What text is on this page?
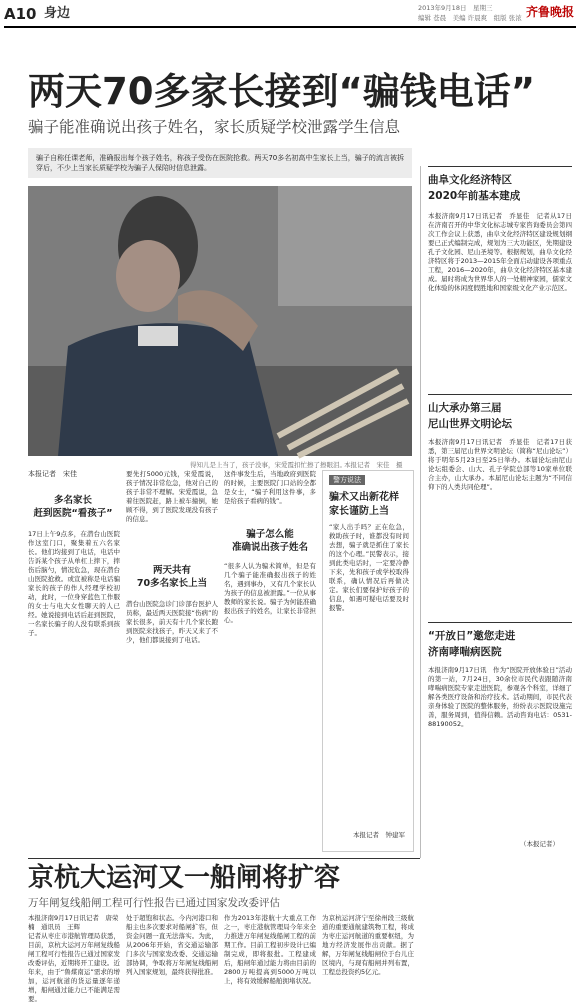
A10 身边	2013年9月18日　星期三
编辑 苍晨　美编 许晨爽　组版 张浓 齐鲁晚报
两天70多家长接到“骗钱电话”
骗子能准确说出孩子姓名，家长质疑学校泄露学生信息
骗子自称任课老师，准确报出每个孩子姓名，称孩子受伤在医院抢救。两天70多名初高中生家长上当，骗子的流言被拆穿后，不少上当家长质疑学校为骗子人保陪时信息泄露。
得知儿是上当了，孩子没事，宋爱霞扣忙擦了擦眼泪。
本报记者　宋佳　摄
本报记者　宋佳
多名家长
赶到医院“看孩子”
17日上午9点多，在潜台山医院作这室门口，聚集着五六名家长。他们均接到了电话，电话中告诉某个孩子从单杠上摔下，摔伤后脑勺，情况危急，现在潜台山医院抢救。或宣被称是电话骗家长的孩子的作人经理学校初动，此时，一位身穿蓝色工作服的女士与电大女性聊天的人已经。她说接到电话后赶到医院，一名家长骗子的人没有联系到孩子。
要先打5000元钱，宋爱霞说，孩子情况非常危急，他对自己的孩子非常不理解。宋爱霞说，急着往医院赶，路上被车撞倒，她顾不得，到了医院发现没有孩子的信息。
两天共有
70多名家长上当
潜台山医院急诊门诊部台医护人员称，最近两天医院接“伤病”的家长很多，前天有十几个家长跑到医院来找孩子，昨天又来了不少，他们都说接到了电话。
这件事发生后，当地政府到医院的时候，主要医院门口站的全都是女士，“骗子利用这件事，多是给孩子看病的钱”。
骗子怎么能
准确说出孩子姓名
“很多人认为骗术简单，但是有几个骗子能准确报出孩子的姓名，遇到事办，又有几个家长认为孩子的信息被泄露。”一位从事教师的家长说。骗子为何能准确报出孩子的姓名，让家长非常担心。
警方说法
骗术又出新花样
家长谨防上当
“家人出手吗？正在危急，救助孩子时，谁都没有时间去想，骗子就是抓住了家长的这个心理。”民警表示，接到此类电话时，一定要冷静下来，先和孩子或学校取得联系，确认情况后再做决定。家长们要保护好孩子的信息，如遇可疑电话要及时报警。
本报记者　钟建军
曲阜文化经济特区
2020年前基本建成
本报济南9月17日讯记者　乔显佳　记者从17日在济南召开的中华文化标志城专家咨询委员会第四次工作会议上获悉，曲阜文化经济特区建设规划纲要已正式编制完成，规划为三大功能区，先期建设孔子文化园、尼山圣境等。根据规划，曲阜文化经济特区将于2013—2015年全面启动建设各项重点工程，2016—2020年，曲阜文化经济特区基本建成。届时将成为世界华人的一处精神家园，儒家文化体验的休闲度假胜地和国家级文化产业示范区。
山大承办第三届
尼山世界文明论坛
本报济南9月17日讯记者　乔显佳　记者17日获悉，第三届尼山世界文明论坛（简称“尼山论坛”）将于明年5月23日至25日举办。本届论坛由尼山论坛组委会、山大、孔子学院总部等10家单位联合主办，山大承办。本届尼山论坛主题为“不同信仰下的人类共同伦理”。
“开放日”邀您走进
济南哮喘病医院
本报济南9月17日讯　作为“医院开放体验日”活动的第一站，7月24日，30余位市民代表跟随济南哮喘病医院专家走进医院，参观各个科室，详细了解各类医疗设备和治疗技术。活动期间，市民代表亲身体验了医院的整体服务，纷纷表示医院设施完善，服务周到，值得信赖。活动咨询电话：0531-88190052。
（本报记者）
京杭大运河又一船闸将扩容
万年闸复线船闸工程可行性报告已通过国家发改委评估
本报济南9月17日讯记者　唐荣楠　通讯员　王辉
记者从枣庄市港航管理局获悉，目前，京杭大运河万年闸复线船闸工程可行性报告已通过国家发改委评估，近期将开工建设。近年来，由于“鲁煤南运”需求的增加，运河航道的货运量逐年递增，船闸通过能力已不能满足需要。
处于超饱和状态。今内河港口和船主也多次要求对船闸扩容，但资金问题一直无法落实。为此，从2006年开始，省交通运输部门多次与国家发改委、交通运输部协调，争取将万年闸复线船闸列入国家规划，最终获得批准。
作为2013年港航十大重点工作之一，枣庄港航管理局今年来全力推进万年闸复线船闸工程的前期工作。目前工程初步设计已编制完成，即将报批。工程建成后，船闸年通过能力将由目前的2800万吨提高到5000万吨以上，将有效缓解船舶拥堵状况。
为京杭运河济宁至徐州段三级航道的重要通航建筑物工程，将成为枣庄运河航道的重要枢纽，为地方经济发展作出贡献。据了解，万年闸复线船闸位于台儿庄区境内，与现有船闸并列布置，工程总投资约5亿元。
